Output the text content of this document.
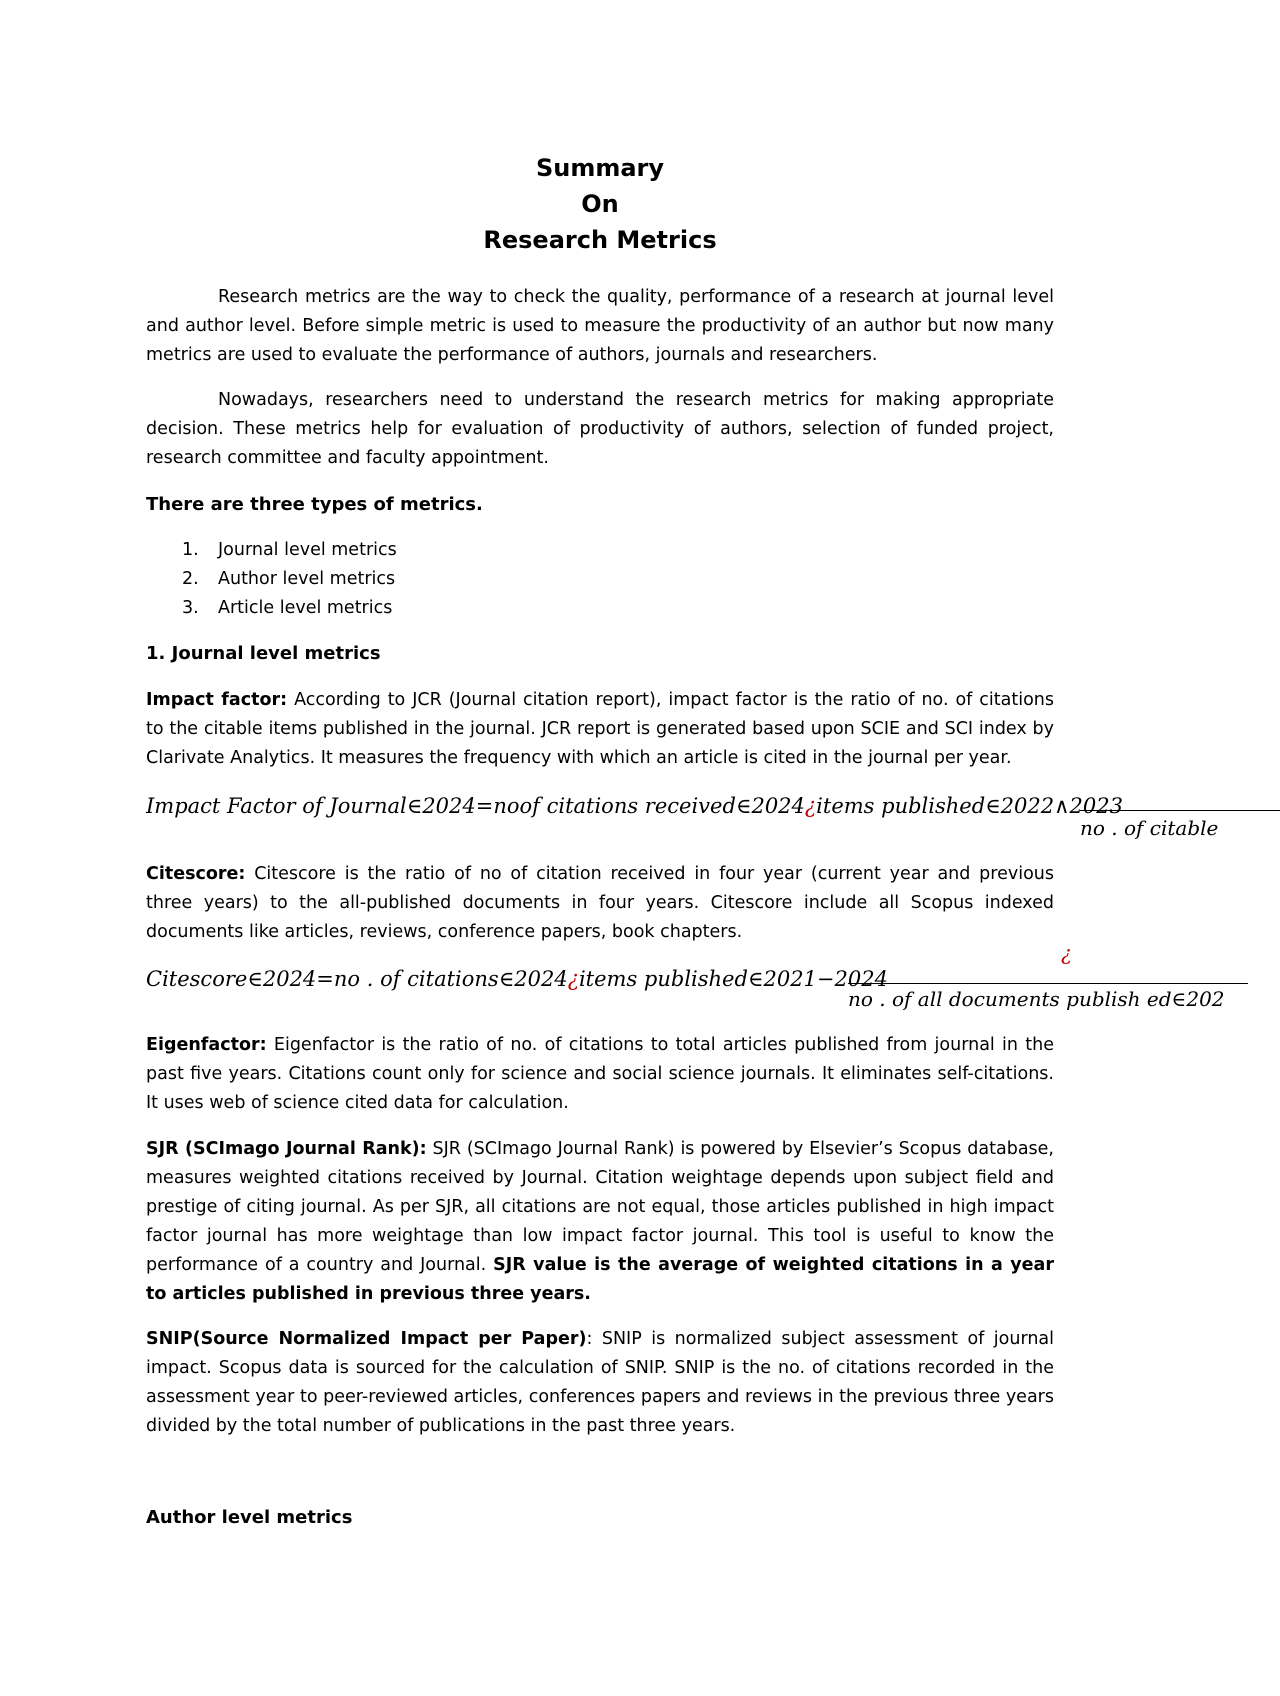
Summary
On
Research Metrics

Research metrics are the way to check the quality, performance of a research at journal level and author level. Before simple metric is used to measure the productivity of an author but now many metrics are used to evaluate the performance of authors, journals and researchers.

Nowadays, researchers need to understand the research metrics for making appropriate decision. These metrics help for evaluation of productivity of authors, selection of funded project, research committee and faculty appointment.

There are three types of metrics.
1.	Journal level metrics
2.	Author level metrics
3.	Article level metrics
1. Journal level metrics

Impact factor: According to JCR (Journal citation report), impact factor is the ratio of no. of citations to the citable items published in the journal. JCR report is generated based upon SCIE and SCI index by Clarivate Analytics. It measures the frequency with which an article is cited in the journal per year.

Impact Factor of Journal∈2024=noof citations received∈2024¿items published∈2022∧2023
no . of citable

Citescore: Citescore is the ratio of no of citation received in four year (current year and previous three years) to the all-published documents in four years. Citescore include all Scopus indexed documents like articles, reviews, conference papers, book chapters.

Citescore∈2024=no . of citations∈2024¿items published∈2021−2024
¿
no . of all documents publish ed∈202

Eigenfactor: Eigenfactor is the ratio of no. of citations to total articles published from journal in the past five years. Citations count only for science and social science journals. It eliminates self-citations. It uses web of science cited data for calculation.

SJR (SCImago Journal Rank): SJR (SCImago Journal Rank) is powered by Elsevier’s Scopus database, measures weighted citations received by Journal. Citation weightage depends upon subject field and prestige of citing journal. As per SJR, all citations are not equal, those articles published in high impact factor journal has more weightage than low impact factor journal. This tool is useful to know the performance of a country and Journal. SJR value is the average of weighted citations in a year to articles published in previous three years.

SNIP(Source Normalized Impact per Paper): SNIP is normalized subject assessment of journal impact. Scopus data is sourced for the calculation of SNIP. SNIP is the no. of citations recorded in the assessment year to peer-reviewed articles, conferences papers and reviews in the previous three years divided by the total number of publications in the past three years.

Author level metrics
